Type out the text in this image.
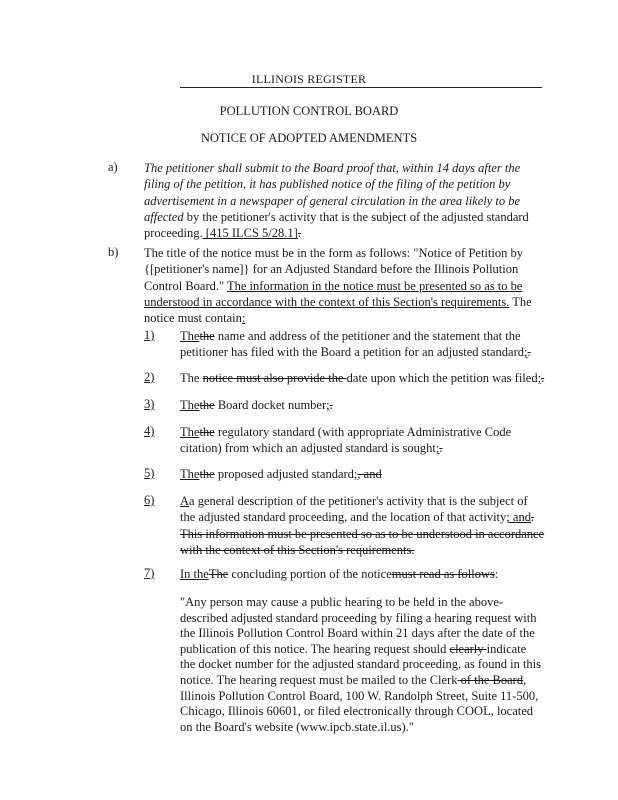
ILLINOIS REGISTER
POLLUTION CONTROL BOARD
NOTICE OF ADOPTED AMENDMENTS
a) The petitioner shall submit to the Board proof that, within 14 days after the filing of the petition, it has published notice of the filing of the petition by advertisement in a newspaper of general circulation in the area likely to be affected by the petitioner's activity that is the subject of the adjusted standard proceeding. [415 ILCS 5/28.1].
b) The title of the notice must be in the form as follows: "Notice of Petition by {[petitioner's name]} for an Adjusted Standard before the Illinois Pollution Control Board." The information in the notice must be presented so as to be understood in accordance with the context of this Section's requirements. The notice must contain:
1) Thethe name and address of the petitioner and the statement that the petitioner has filed with the Board a petition for an adjusted standard;.
2) The notice must also provide the date upon which the petition was filed;.
3) Thethe Board docket number;.
4) Thethe regulatory standard (with appropriate Administrative Code citation) from which an adjusted standard is sought;.
5) Thethe proposed adjusted standard;, and
6) Aa general description of the petitioner's activity that is the subject of the adjusted standard proceeding, and the location of that activity; and. This information must be presented so as to be understood in accordance with the context of this Section's requirements.
7) In theThe concluding portion of the noticemust read as follows:
"Any person may cause a public hearing to be held in the above-described adjusted standard proceeding by filing a hearing request with the Illinois Pollution Control Board within 21 days after the date of the publication of this notice. The hearing request should clearly indicate the docket number for the adjusted standard proceeding, as found in this notice. The hearing request must be mailed to the Clerk of the Board, Illinois Pollution Control Board, 100 W. Randolph Street, Suite 11-500, Chicago, Illinois 60601, or filed electronically through COOL, located on the Board's website (www.ipcb.state.il.us)."
